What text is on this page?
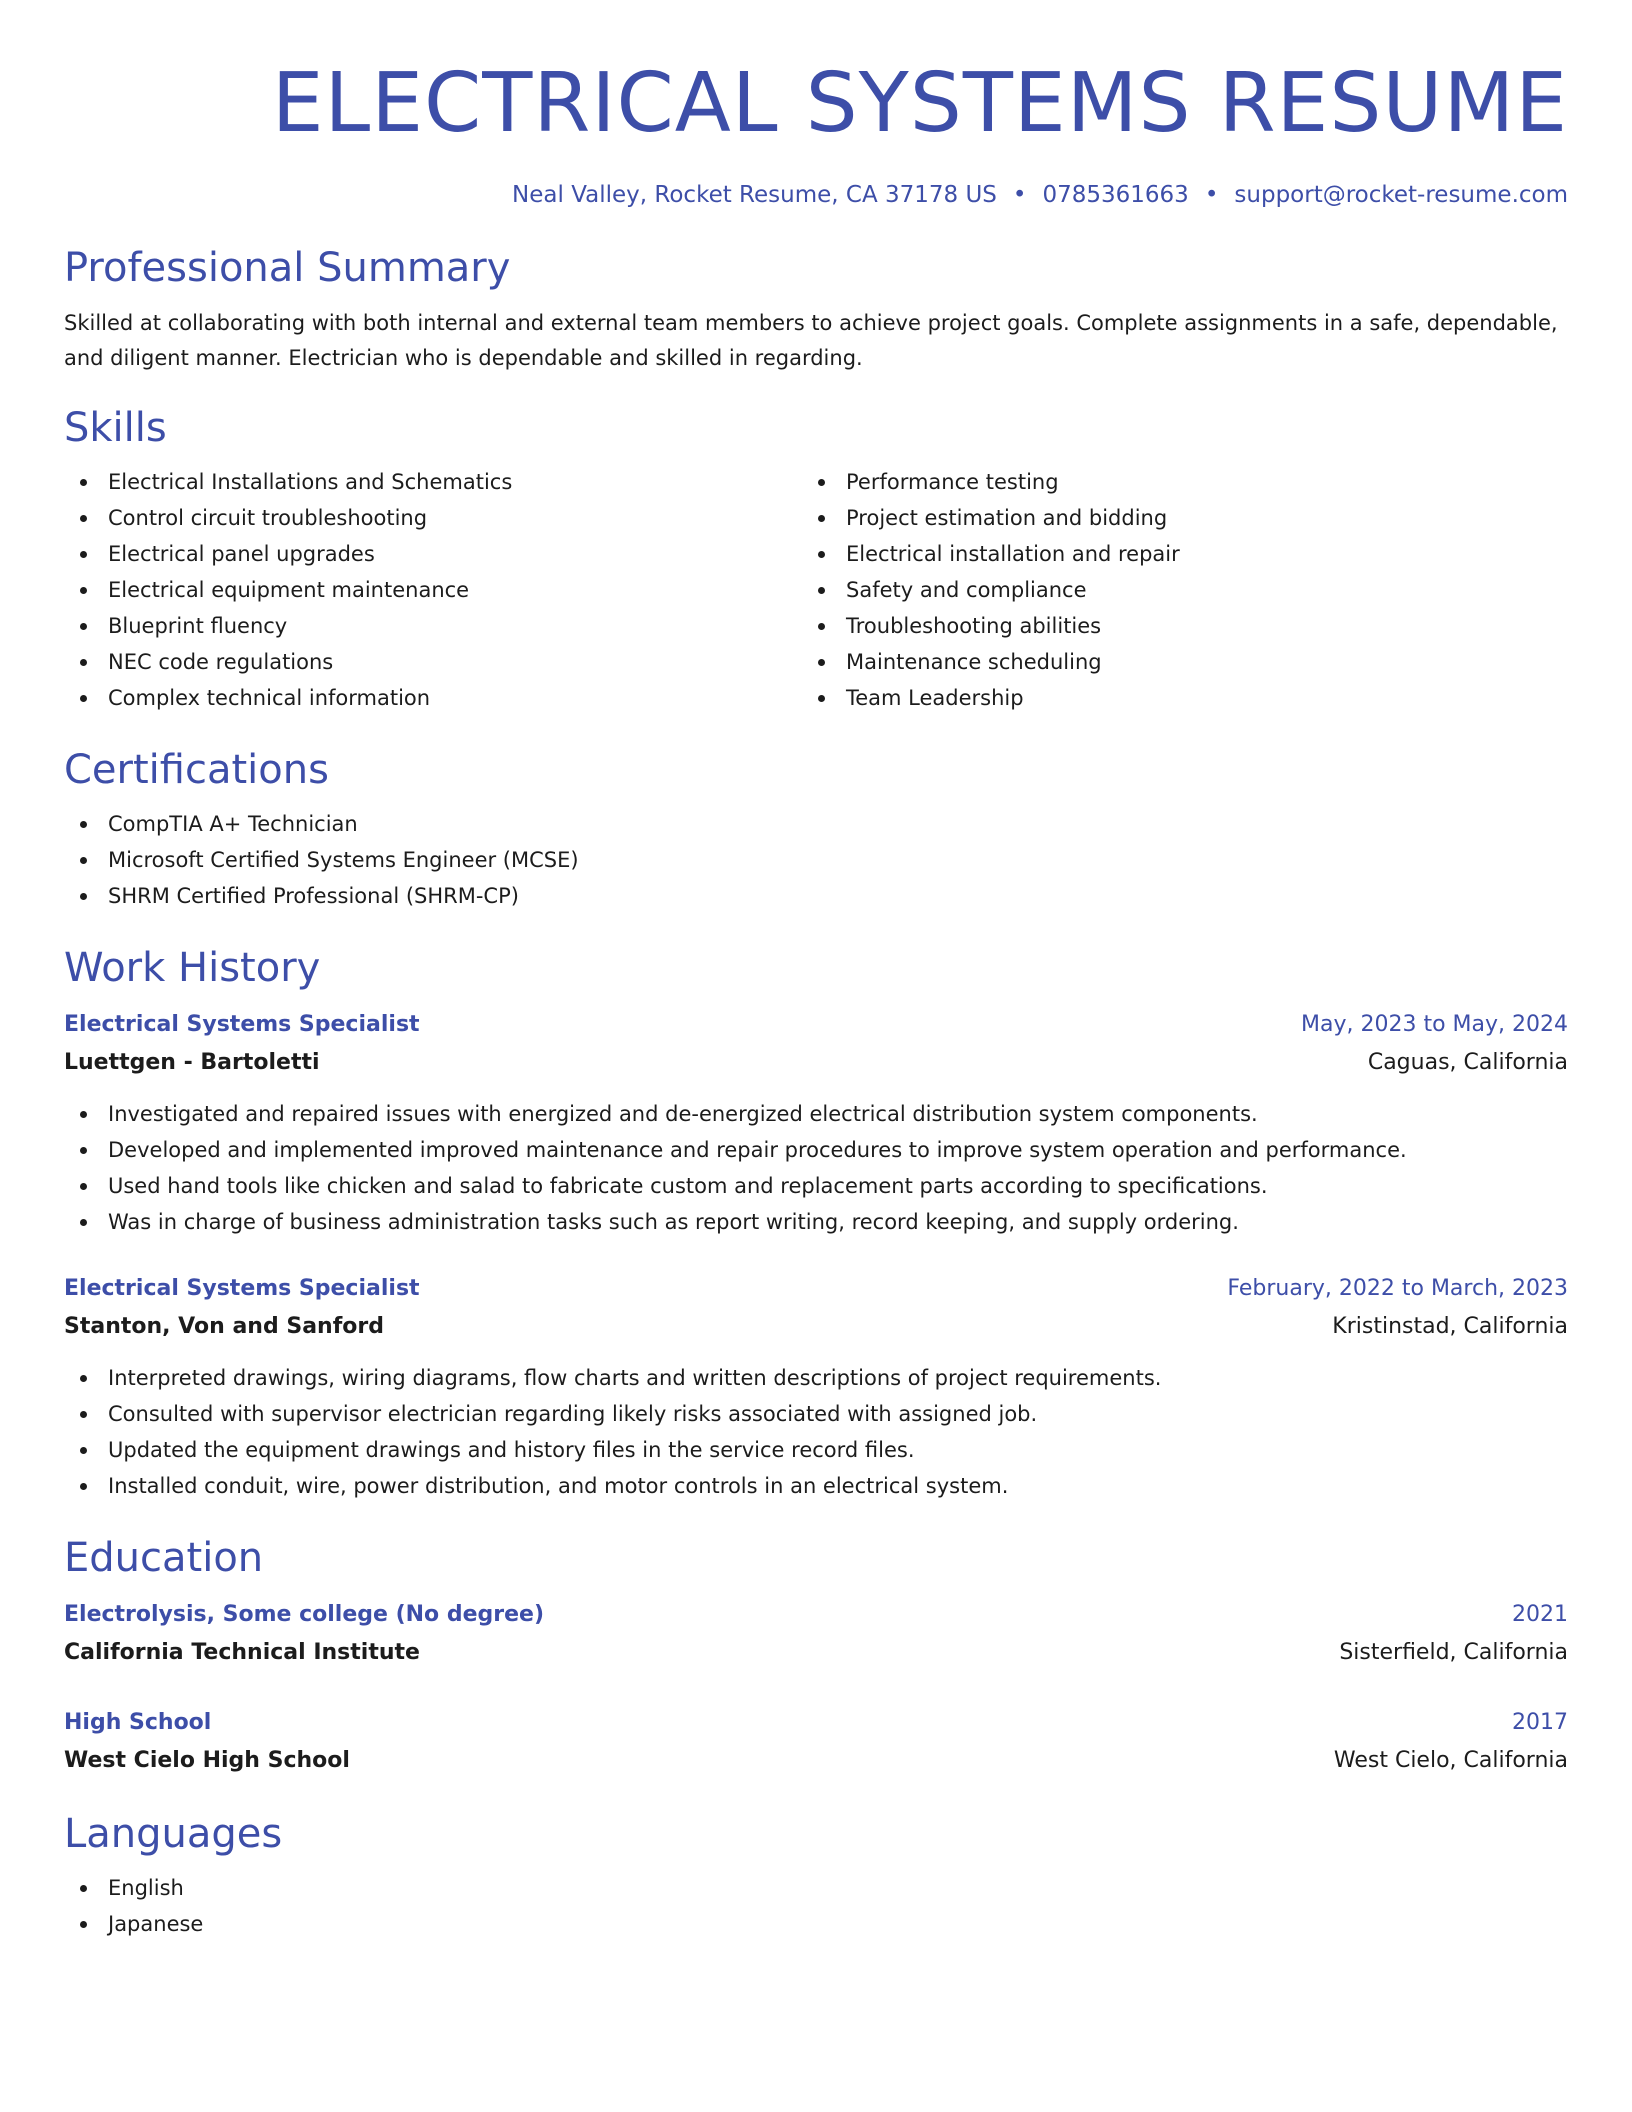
ELECTRICAL SYSTEMS RESUME
Neal Valley, Rocket Resume, CA 37178 US • 0785361663 • support@rocket-resume.com
Professional Summary
Skilled at collaborating with both internal and external team members to achieve project goals. Complete assignments in a safe, dependable, and diligent manner. Electrician who is dependable and skilled in regarding.
Skills
Electrical Installations and Schematics
Control circuit troubleshooting
Electrical panel upgrades
Electrical equipment maintenance
Blueprint fluency
NEC code regulations
Complex technical information
Performance testing
Project estimation and bidding
Electrical installation and repair
Safety and compliance
Troubleshooting abilities
Maintenance scheduling
Team Leadership
Certifications
CompTIA A+ Technician
Microsoft Certified Systems Engineer (MCSE)
SHRM Certified Professional (SHRM-CP)
Work History
Electrical Systems Specialist	May, 2023 to May, 2024
Luettgen - Bartoletti	Caguas, California
Investigated and repaired issues with energized and de-energized electrical distribution system components.
Developed and implemented improved maintenance and repair procedures to improve system operation and performance.
Used hand tools like chicken and salad to fabricate custom and replacement parts according to specifications.
Was in charge of business administration tasks such as report writing, record keeping, and supply ordering.
Electrical Systems Specialist	February, 2022 to March, 2023
Stanton, Von and Sanford	Kristinstad, California
Interpreted drawings, wiring diagrams, flow charts and written descriptions of project requirements.
Consulted with supervisor electrician regarding likely risks associated with assigned job.
Updated the equipment drawings and history files in the service record files.
Installed conduit, wire, power distribution, and motor controls in an electrical system.
Education
Electrolysis, Some college (No degree)	2021
California Technical Institute	Sisterfield, California
High School	2017
West Cielo High School	West Cielo, California
Languages
English
Japanese
